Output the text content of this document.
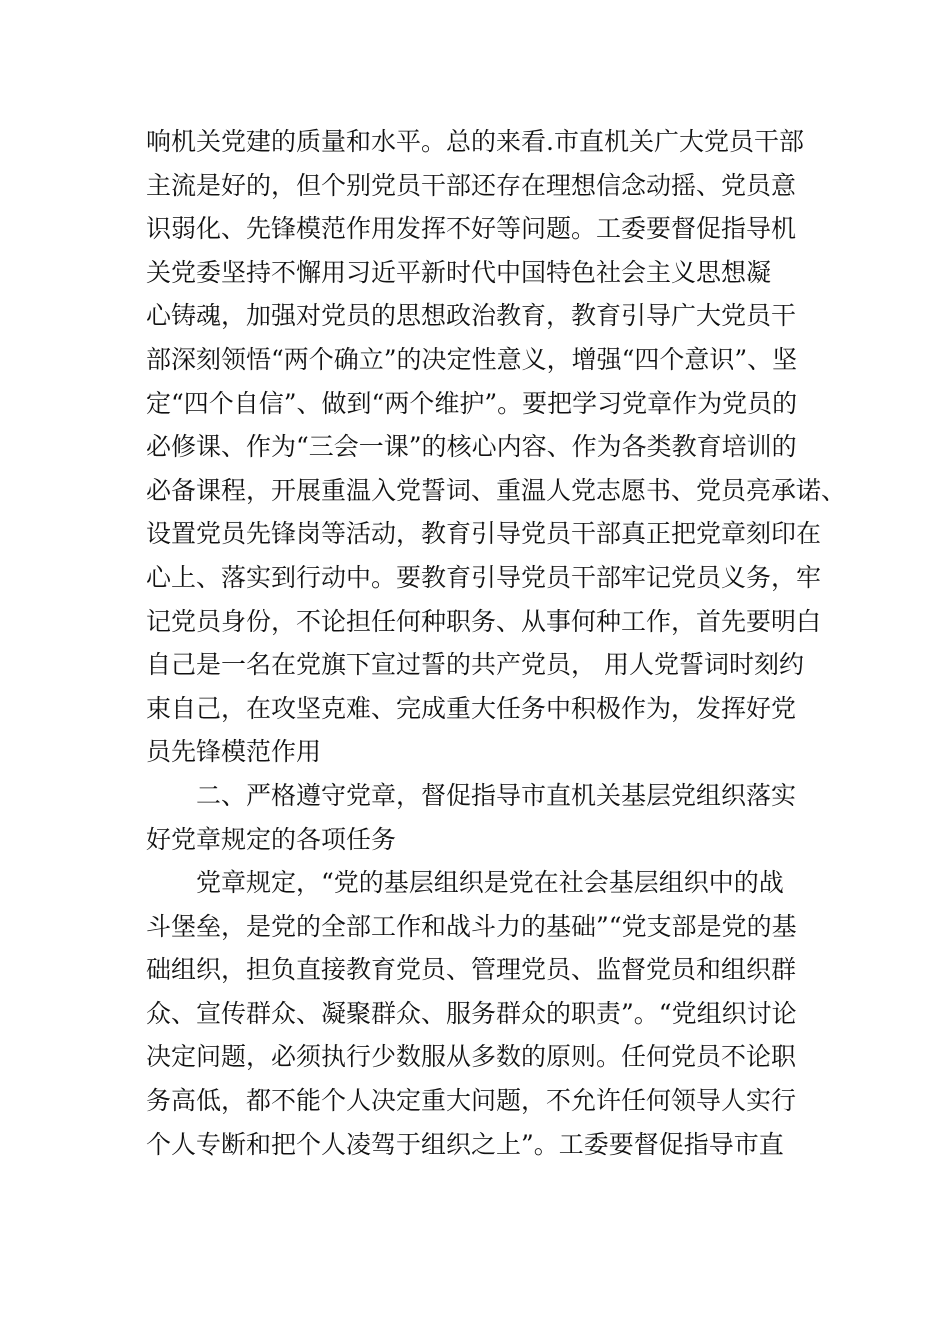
响机关党建的质量和水平。总的来看.市直机关广大党员干部
主流是好的，但个别党员干部还存在理想信念动摇、党员意
识弱化、先锋模范作用发挥不好等问题。工委要督促指导机
关党委坚持不懈用习近平新时代中国特色社会主义思想凝
心铸魂，加强对党员的思想政治教育，教育引导广大党员干
部深刻领悟“两个确立”的决定性意义，增强“四个意识”、坚
定“四个自信”、做到“两个维护”。要把学习党章作为党员的
必修课、作为“三会一课”的核心内容、作为各类教育培训的
必备课程，开展重温入党誓词、重温人党志愿书、党员亮承诺、
设置党员先锋岗等活动，教育引导党员干部真正把党章刻印在
心上、落实到行动中。要教育引导党员干部牢记党员义务，牢
记党员身份，不论担任何种职务、从事何种工作，首先要明白
自己是一名在党旗下宣过誓的共产党员， 用人党誓词时刻约
束自己，在攻坚克难、完成重大任务中积极作为，发挥好党
员先锋模范作用
二、严格遵守党章，督促指导市直机关基层党组织落实
好党章规定的各项任务
党章规定，“党的基层组织是党在社会基层组织中的战
斗堡垒，是党的全部工作和战斗力的基础”“党支部是党的基
础组织，担负直接教育党员、管理党员、监督党员和组织群
众、宣传群众、凝聚群众、服务群众的职责”。“党组织讨论
决定问题，必须执行少数服从多数的原则。任何党员不论职
务高低，都不能个人决定重大问题，不允许任何领导人实行
个人专断和把个人凌驾于组织之上”。工委要督促指导市直
